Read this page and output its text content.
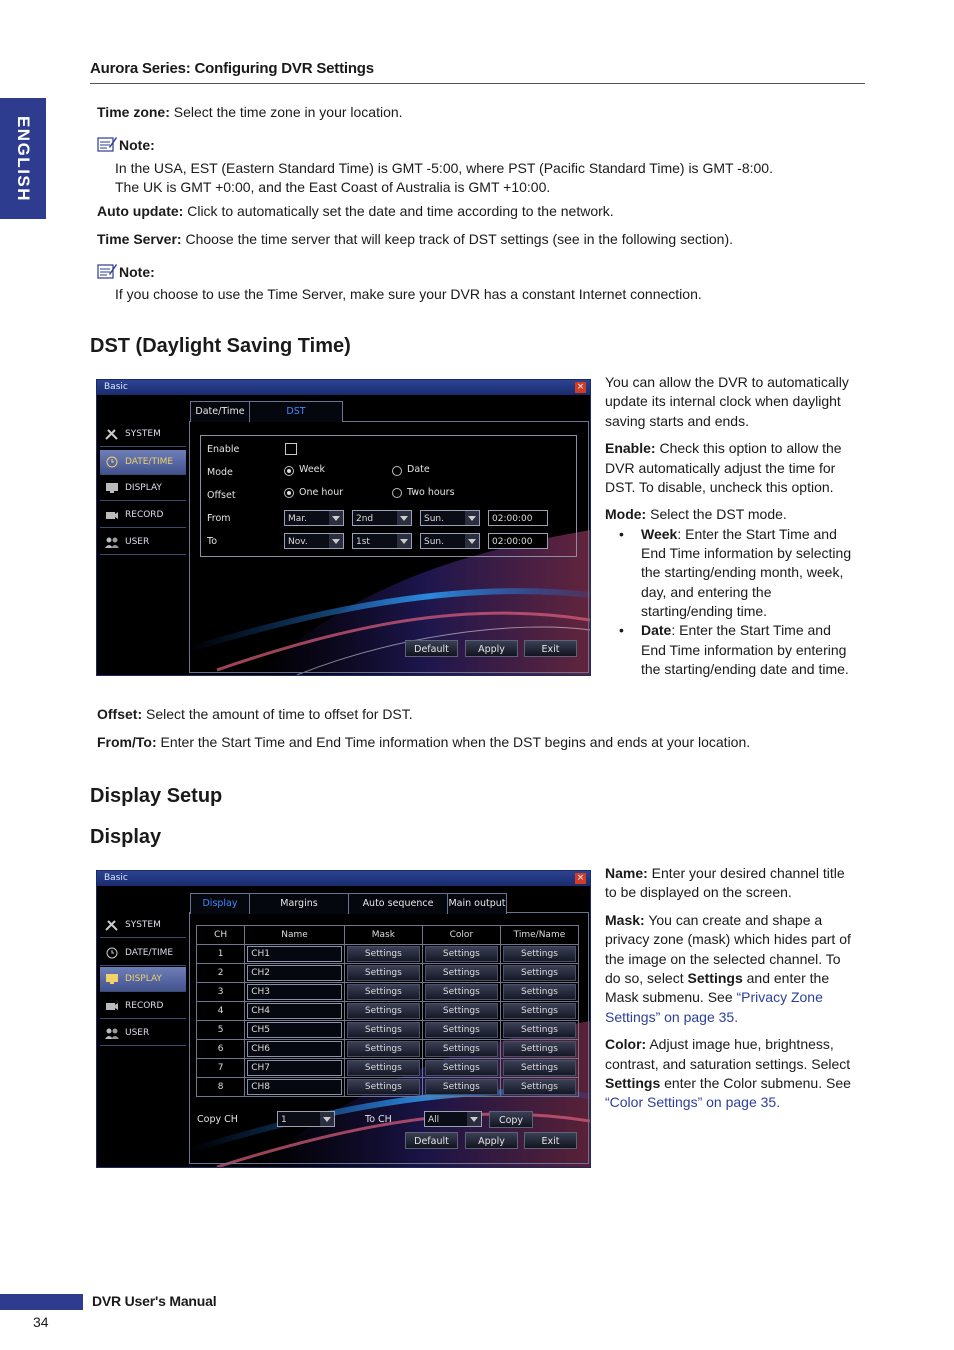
Aurora Series: Configuring DVR Settings
ENGLISH

Time zone: Select the time zone in your location.

Note:

In the USA, EST (Eastern Standard Time) is GMT -5:00, where PST (Pacific Standard Time) is GMT -8:00.

The UK is GMT +0:00, and the East Coast of Australia is GMT +10:00.

Auto update: Click to automatically set the date and time according to the network.

Time Server: Choose the time server that will keep track of DST settings (see in the following section).

Note:

If you choose to use the Time Server, make sure your DVR has a constant Internet connection.

DST (Daylight Saving Time)
Basic	×
SYSTEM
DATE/TIME
DISPLAY
RECORD
USER
Date/Time	DST
Enable
Mode	Week	Date
Offset	One hour	Two hours
From	Mar.	2nd	Sun.	02:00:00
To	Nov.	1st	Sun.	02:00:00
Default	Apply	Exit

You can allow the DVR to automatically update its internal clock when daylight saving starts and ends.

Enable: Check this option to allow the DVR automatically adjust the time for DST. To disable, uncheck this option.

Mode: Select the DST mode.

• Week: Enter the Start Time and End Time information by selecting the starting/ending month, week, day, and entering the starting/ending time.
• Date: Enter the Start Time and End Time information by entering the starting/ending date and time.

Offset: Select the amount of time to offset for DST.

From/To: Enter the Start Time and End Time information when the DST begins and ends at your location.

Display Setup
Display
Basic	×
SYSTEM
DATE/TIME
DISPLAY
RECORD
USER
Display	Margins	Auto sequence	Main output
CH	Name	Mask	Color	Time/Name
1	CH1	Settings	Settings	Settings

2	CH2	Settings	Settings	Settings

3	CH3	Settings	Settings	Settings

4	CH4	Settings	Settings	Settings

5	CH5	Settings	Settings	Settings

6	CH6	Settings	Settings	Settings

7	CH7	Settings	Settings	Settings

8	CH8	Settings	Settings	Settings
Copy CH	1	To CH	All	Copy
Default	Apply	Exit

Name: Enter your desired channel title to be displayed on the screen.

Mask: You can create and shape a privacy zone (mask) which hides part of the image on the selected channel. To do so, select Settings and enter the Mask submenu. See “Privacy Zone Settings” on page 35.

Color: Adjust image hue, brightness, contrast, and saturation settings. Select Settings enter the Color submenu. See “Color Settings” on page 35.

DVR User's Manual
34
